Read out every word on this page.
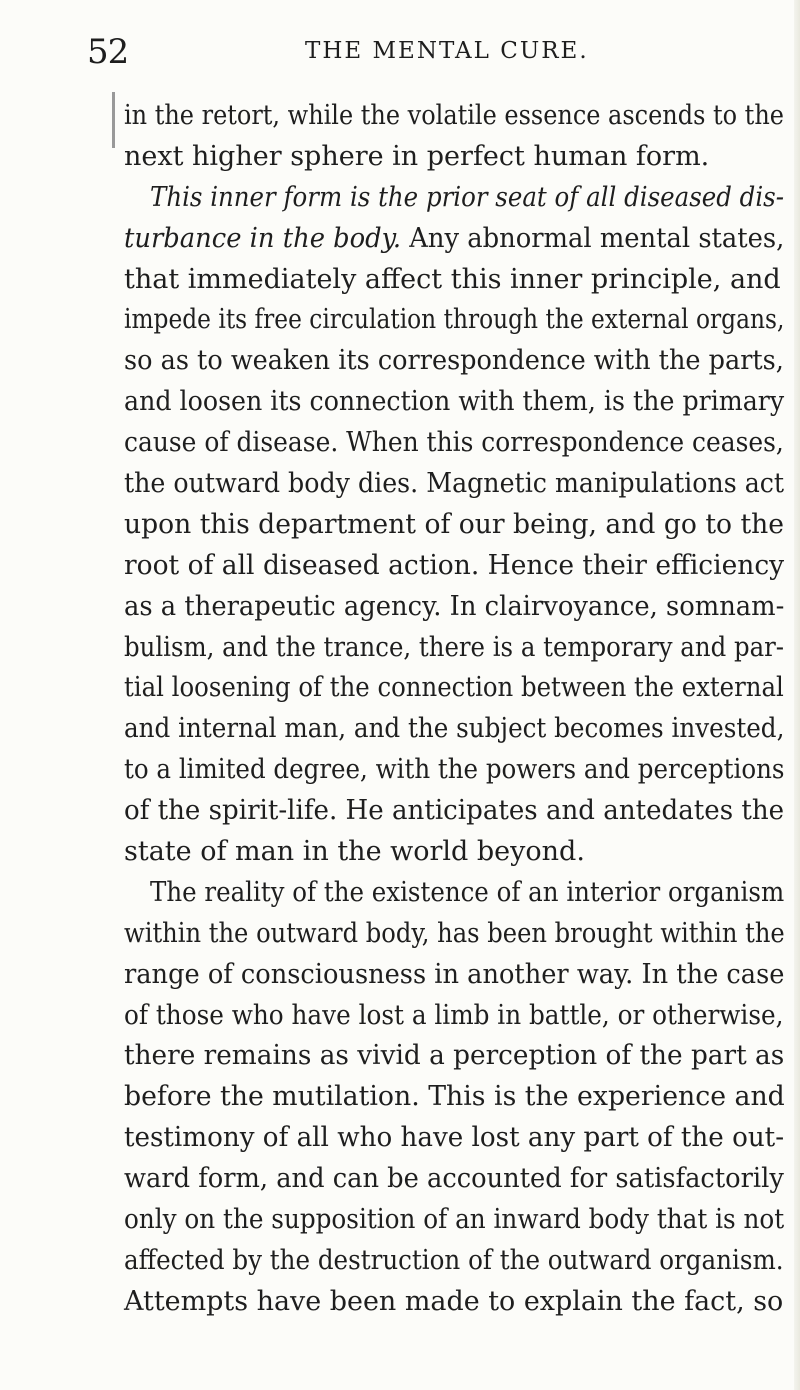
52	THE MENTAL CURE.
in the retort, while the volatile essence ascends to the
next higher sphere in perfect human form.
This inner form is the prior seat of all diseased dis-
turbance in the body. Any abnormal mental states,
that immediately affect this inner principle, and
impede its free circulation through the external organs,
so as to weaken its correspondence with the parts,
and loosen its connection with them, is the primary
cause of disease. When this correspondence ceases,
the outward body dies. Magnetic manipulations act
upon this department of our being, and go to the
root of all diseased action. Hence their efficiency
as a therapeutic agency. In clairvoyance, somnam-
bulism, and the trance, there is a temporary and par-
tial loosening of the connection between the external
and internal man, and the subject becomes invested,
to a limited degree, with the powers and perceptions
of the spirit-life. He anticipates and antedates the
state of man in the world beyond.
The reality of the existence of an interior organism
within the outward body, has been brought within the
range of consciousness in another way. In the case
of those who have lost a limb in battle, or otherwise,
there remains as vivid a perception of the part as
before the mutilation. This is the experience and
testimony of all who have lost any part of the out-
ward form, and can be accounted for satisfactorily
only on the supposition of an inward body that is not
affected by the destruction of the outward organism.
Attempts have been made to explain the fact, so
